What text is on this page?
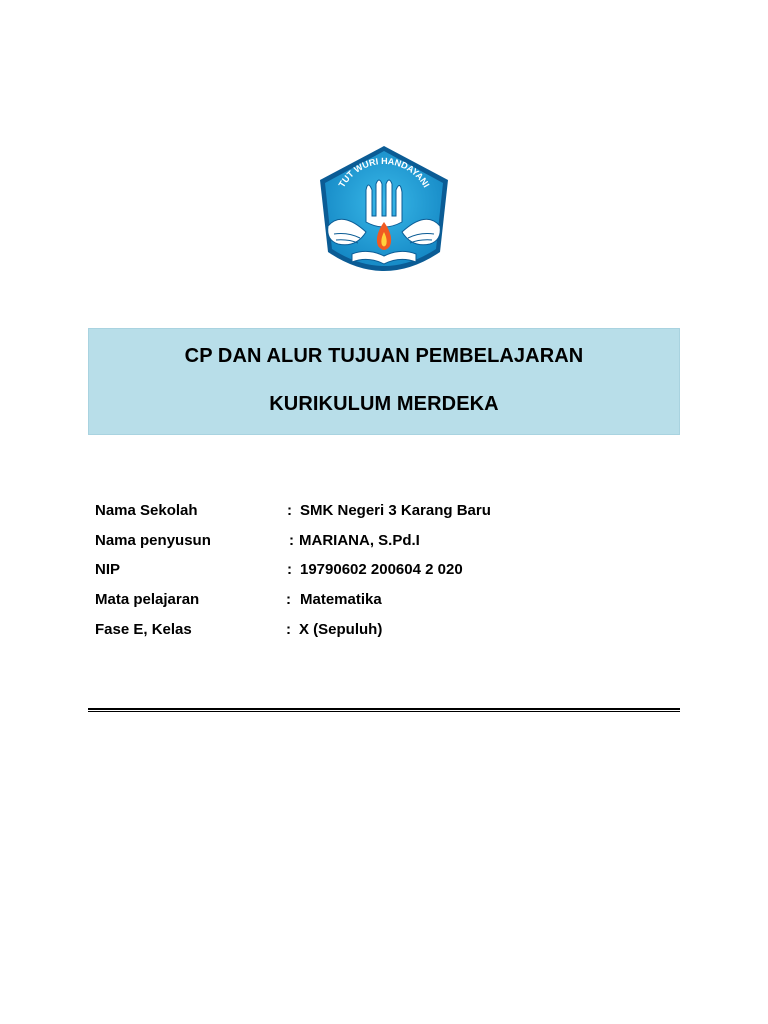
TUT WURI HANDAYANI
CP DAN ALUR TUJUAN PEMBELAJARAN
KURIKULUM MERDEKA
Nama Sekolah	: SMK Negeri 3 Karang Baru
Nama penyusun	: MARIANA, S.Pd.I
NIP	: 19790602 200604 2 020
Mata pelajaran	: Matematika
Fase E, Kelas	: X (Sepuluh)
